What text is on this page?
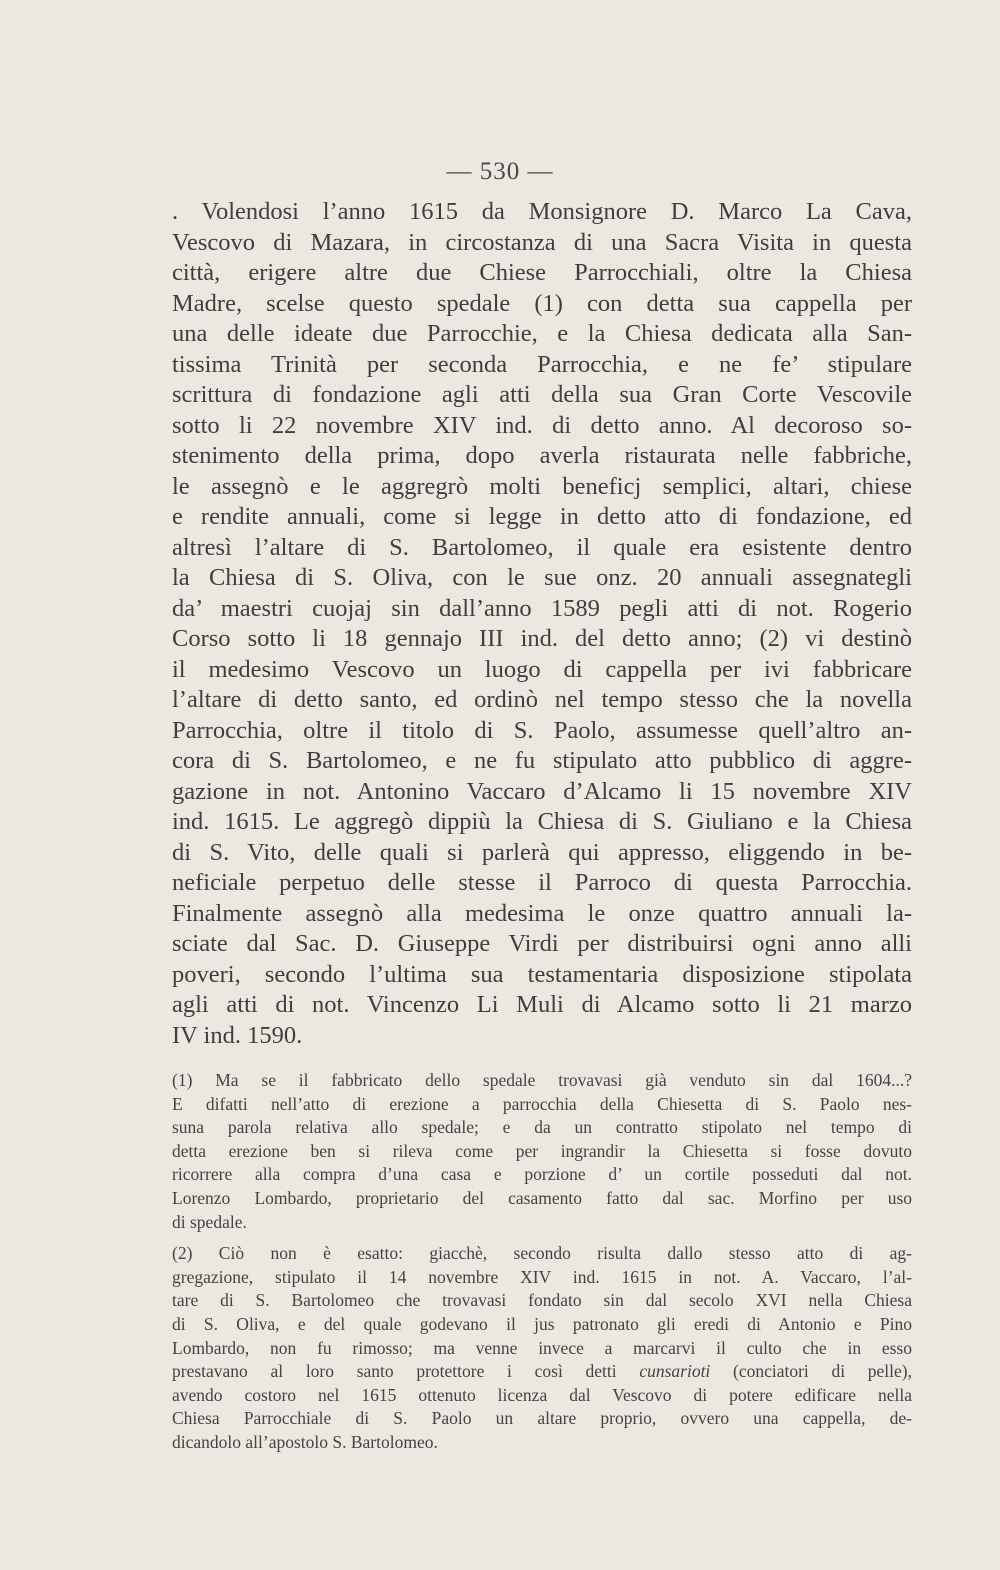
— 530 —
. Volendosi l’anno 1615 da Monsignore D. Marco La Cava,
Vescovo di Mazara, in circostanza di una Sacra Visita in questa
città, erigere altre due Chiese Parrocchiali, oltre la Chiesa
Madre, scelse questo spedale (1) con detta sua cappella per
una delle ideate due Parrocchie, e la Chiesa dedicata alla San-
tissima Trinità per seconda Parrocchia, e ne fe’ stipulare
scrittura di fondazione agli atti della sua Gran Corte Vescovile
sotto li 22 novembre XIV ind. di detto anno. Al decoroso so-
stenimento della prima, dopo averla ristaurata nelle fabbriche,
le assegnò e le aggregrò molti beneficj semplici, altari, chiese
e rendite annuali, come si legge in detto atto di fondazione, ed
altresì l’altare di S. Bartolomeo, il quale era esistente dentro
la Chiesa di S. Oliva, con le sue onz. 20 annuali assegnategli
da’ maestri cuojaj sin dall’anno 1589 pegli atti di not. Rogerio
Corso sotto li 18 gennajo III ind. del detto anno; (2) vi destinò
il medesimo Vescovo un luogo di cappella per ivi fabbricare
l’altare di detto santo, ed ordinò nel tempo stesso che la novella
Parrocchia, oltre il titolo di S. Paolo, assumesse quell’altro an-
cora di S. Bartolomeo, e ne fu stipulato atto pubblico di aggre-
gazione in not. Antonino Vaccaro d’Alcamo li 15 novembre XIV
ind. 1615. Le aggregò dippiù la Chiesa di S. Giuliano e la Chiesa
di S. Vito, delle quali si parlerà qui appresso, eliggendo in be-
neficiale perpetuo delle stesse il Parroco di questa Parrocchia.
Finalmente assegnò alla medesima le onze quattro annuali la-
sciate dal Sac. D. Giuseppe Virdi per distribuirsi ogni anno alli
poveri, secondo l’ultima sua testamentaria disposizione stipolata
agli atti di not. Vincenzo Li Muli di Alcamo sotto li 21 marzo
IV ind. 1590.
(1) Ma se il fabbricato dello spedale trovavasi già venduto sin dal 1604...?
E difatti nell’atto di erezione a parrocchia della Chiesetta di S. Paolo nes-
suna parola relativa allo spedale; e da un contratto stipolato nel tempo di
detta erezione ben si rileva come per ingrandir la Chiesetta si fosse dovuto
ricorrere alla compra d’una casa e porzione d’ un cortile posseduti dal not.
Lorenzo Lombardo, proprietario del casamento fatto dal sac. Morfino per uso
di spedale.
(2) Ciò non è esatto: giacchè, secondo risulta dallo stesso atto di ag-
gregazione, stipulato il 14 novembre XIV ind. 1615 in not. A. Vaccaro, l’al-
tare di S. Bartolomeo che trovavasi fondato sin dal secolo XVI nella Chiesa
di S. Oliva, e del quale godevano il jus patronato gli eredi di Antonio e Pino
Lombardo, non fu rimosso; ma venne invece a marcarvi il culto che in esso
prestavano al loro santo protettore i così detti cunsarioti (conciatori di pelle),
avendo costoro nel 1615 ottenuto licenza dal Vescovo di potere edificare nella
Chiesa Parrocchiale di S. Paolo un altare proprio, ovvero una cappella, de-
dicandolo all’apostolo S. Bartolomeo.
